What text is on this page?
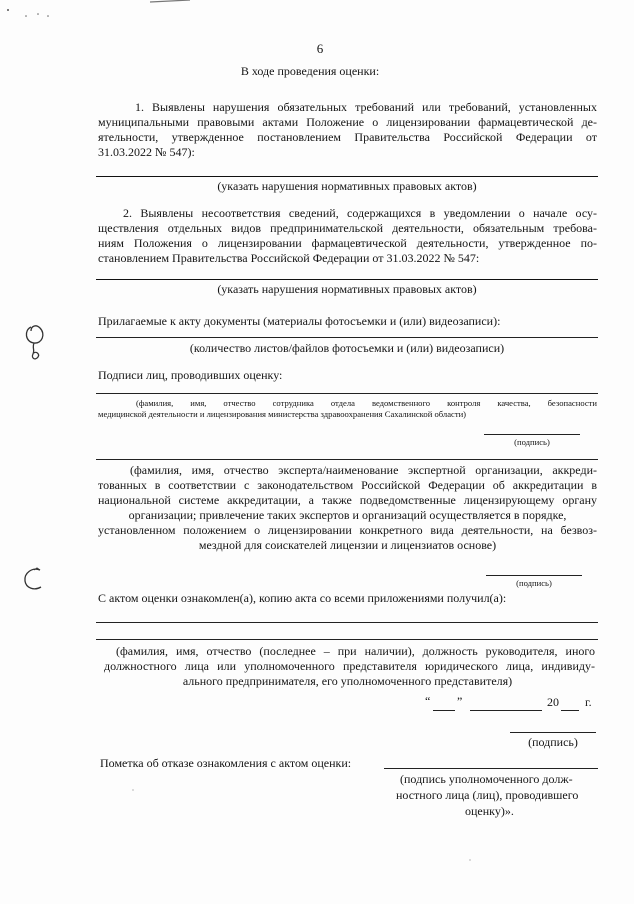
6
В ходе проведения оценки:
1. Выявлены нарушения обязательных требований или требований, установленных
муниципальными правовыми актами Положение о лицензировании фармацевтической де-
ятельности, утвержденное постановлением Правительства Российской Федерации от
31.03.2022 № 547):
(указать нарушения нормативных правовых актов)
2. Выявлены несоответствия сведений, содержащихся в уведомлении о начале осу-
ществления отдельных видов предпринимательской деятельности, обязательным требова-
ниям Положения о лицензировании фармацевтической деятельности, утвержденное по-
становлением Правительства Российской Федерации от 31.03.2022 № 547:
(указать нарушения нормативных правовых актов)
Прилагаемые к акту документы (материалы фотосъемки и (или) видеозаписи):
(количество листов/файлов фотосъемки и (или) видеозаписи)
Подписи лиц, проводивших оценку:
(фамилия, имя, отчество сотрудника отдела ведомственного контроля качества, безопасности
медицинской деятельности и лицензирования министерства здравоохранения Сахалинской области)
(подпись)
(фамилия, имя, отчество эксперта/наименование экспертной организации, аккреди-
тованных в соответствии с законодательством Российской Федерации об аккредитации в
национальной системе аккредитации, а также подведомственные лицензирующему органу
организации; привлечение таких экспертов и организаций осуществляется в порядке,
установленном положением о лицензировании конкретного вида деятельности, на безвоз-
мездной для соискателей лицензии и лицензиатов основе)
(подпись)
С актом оценки ознакомлен(а), копию акта со всеми приложениями получил(а):
(фамилия, имя, отчество (последнее – при наличии), должность руководителя, иного
должностного лица или уполномоченного представителя юридического лица, индивиду-
ального предпринимателя, его уполномоченного представителя)
“ ”	20 г.
(подпись)
Пометка об отказе ознакомления с актом оценки:
(подпись уполномоченного долж-
ностного лица (лиц), проводившего
оценку)».
